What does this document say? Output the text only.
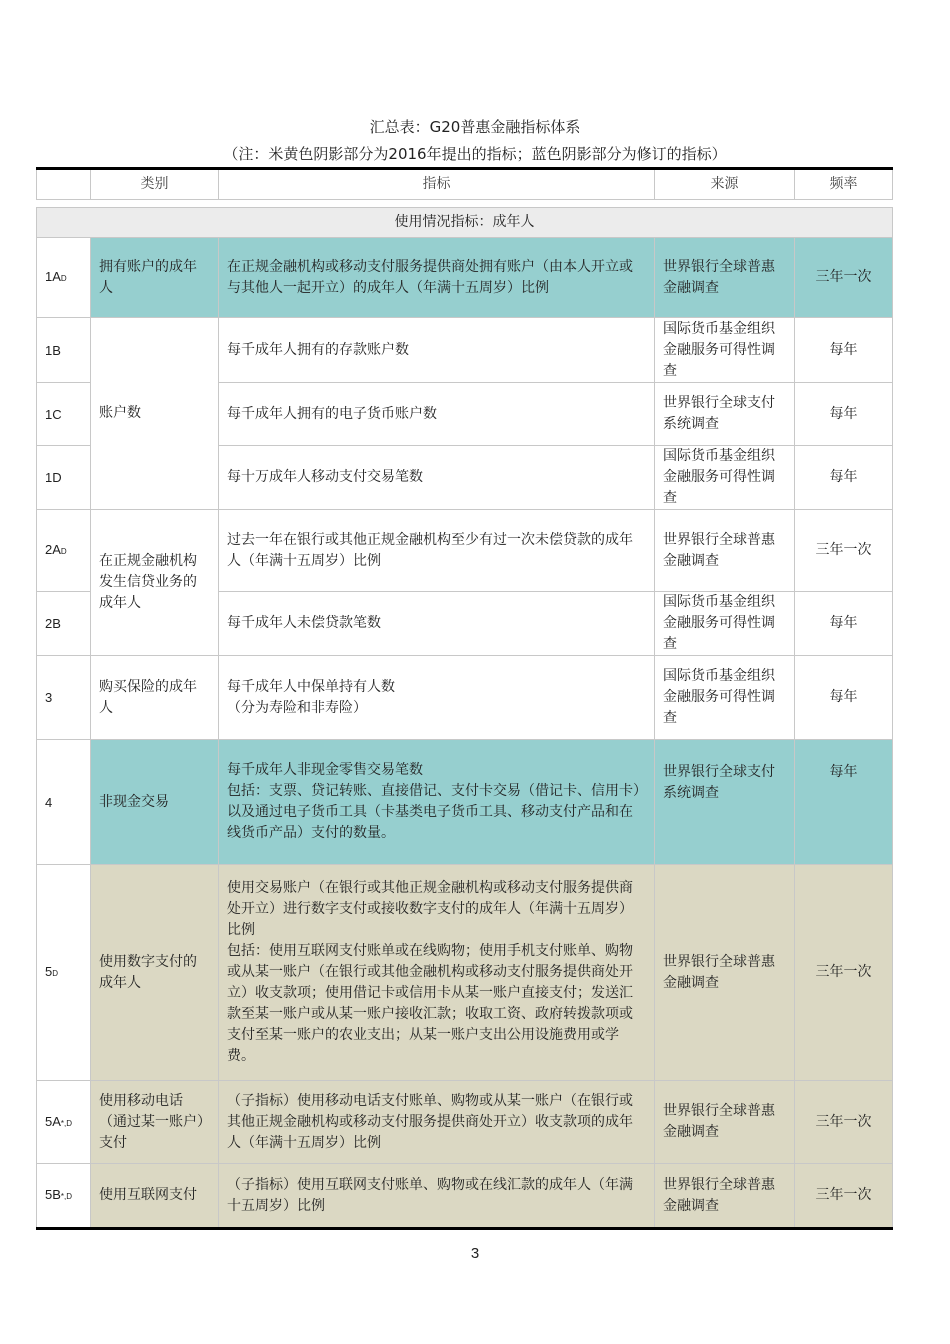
汇总表：G20普惠金融指标体系
（注：米黄色阴影部分为2016年提出的指标；蓝色阴影部分为修订的指标）
	类别	指标	来源	频率

使用情况指标：成年人				
1AD	拥有账户的成年人	在正规金融机构或移动支付服务提供商处拥有账户（由本人开立或与其他人一起开立）的成年人（年满十五周岁）比例	世界银行全球普惠金融调查	三年一次
1B	账户数	每千成年人拥有的存款账户数	国际货币基金组织金融服务可得性调查	每年
1C		每千成年人拥有的电子货币账户数	世界银行全球支付系统调查	每年
1D		每十万成年人移动支付交易笔数	国际货币基金组织金融服务可得性调查	每年
2AD	在正规金融机构发生信贷业务的成年人	过去一年在银行或其他正规金融机构至少有过一次未偿贷款的成年人（年满十五周岁）比例	世界银行全球普惠金融调查	三年一次
2B		每千成年人未偿贷款笔数	国际货币基金组织金融服务可得性调查	每年
3	购买保险的成年人	每千成年人中保单持有人数
（分为寿险和非寿险）	国际货币基金组织金融服务可得性调查	每年
4	非现金交易	每千成年人非现金零售交易笔数
包括：支票、贷记转账、直接借记、支付卡交易（借记卡、信用卡）以及通过电子货币工具（卡基类电子货币工具、移动支付产品和在线货币产品）支付的数量。	世界银行全球支付系统调查	每年
5D	使用数字支付的成年人	使用交易账户（在银行或其他正规金融机构或移动支付服务提供商处开立）进行数字支付或接收数字支付的成年人（年满十五周岁）比例
包括：使用互联网支付账单或在线购物；使用手机支付账单、购物或从某一账户（在银行或其他金融机构或移动支付服务提供商处开立）收支款项；使用借记卡或信用卡从某一账户直接支付；发送汇款至某一账户或从某一账户接收汇款；收取工资、政府转拨款项或支付至某一账户的农业支出；从某一账户支出公用设施费用或学费。	世界银行全球普惠金融调查	三年一次
5A*,D	使用移动电话（通过某一账户）支付	（子指标）使用移动电话支付账单、购物或从某一账户（在银行或其他正规金融机构或移动支付服务提供商处开立）收支款项的成年人（年满十五周岁）比例	世界银行全球普惠金融调查	三年一次
5B*,D	使用互联网支付	（子指标）使用互联网支付账单、购物或在线汇款的成年人（年满十五周岁）比例	世界银行全球普惠金融调查	三年一次
3
